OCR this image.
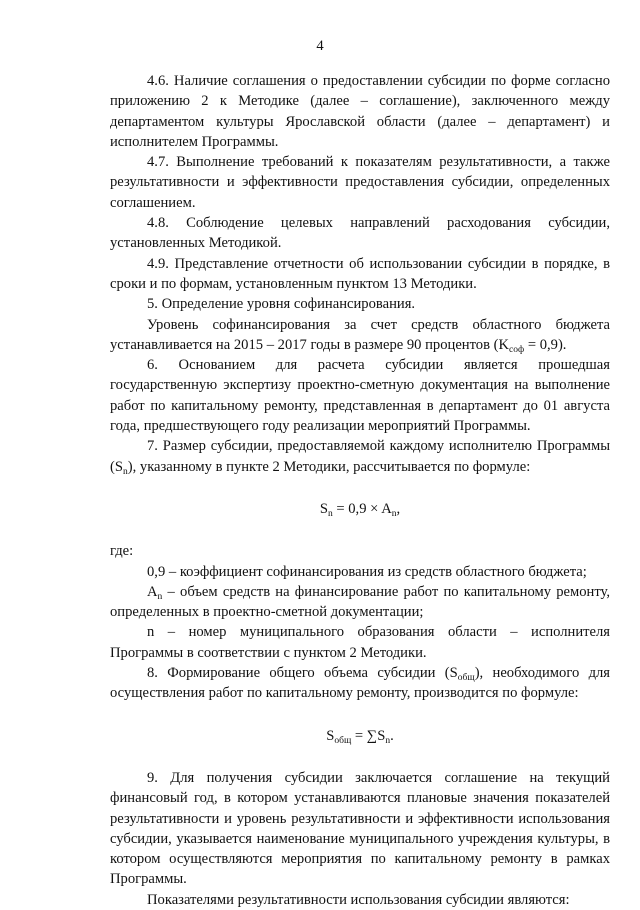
4

4.6. Наличие соглашения о предоставлении субсидии по форме согласно приложению 2 к Методике (далее – соглашение), заключенного между департаментом культуры Ярославской области (далее – департамент) и исполнителем Программы.

4.7. Выполнение требований к показателям результативности, а также результативности и эффективности предоставления субсидии, определенных соглашением.

4.8. Соблюдение целевых направлений расходования субсидии, установленных Методикой.

4.9. Представление отчетности об использовании субсидии в порядке, в сроки и по формам, установленным пунктом 13 Методики.

5. Определение уровня софинансирования.

Уровень софинансирования за счет средств областного бюджета устанавливается на 2015 – 2017 годы в размере 90 процентов $(K_{соф} = 0,9)$.

6. Основанием для расчета субсидии является прошедшая государственную экспертизу проектно-сметную документация на выполнение работ по капитальному ремонту, представленная в департамент до 01 августа года, предшествующего году реализации мероприятий Программы.

7. Размер субсидии, предоставляемой каждому исполнителю Программы $(S_n)$, указанному в пункте 2 Методики, рассчитывается по формуле:

$S_n = 0,9 \times A_n$,

где:

0,9 – коэффициент софинансирования из средств областного бюджета;

$A_n$ – объем средств на финансирование работ по капитальному ремонту, определенных в проектно-сметной документации;

n – номер муниципального образования области – исполнителя Программы в соответствии с пунктом 2 Методики.

8. Формирование общего объема субсидии $(S_{общ})$, необходимого для осуществления работ по капитальному ремонту, производится по формуле:

$S_{общ} = \sum S_n$.

9. Для получения субсидии заключается соглашение на текущий финансовый год, в котором устанавливаются плановые значения показателей результативности и уровень результативности и эффективности использования субсидии, указывается наименование муниципального учреждения культуры, в котором осуществляются мероприятия по капитальному ремонту в рамках Программы.

Показателями результативности использования субсидии являются:
